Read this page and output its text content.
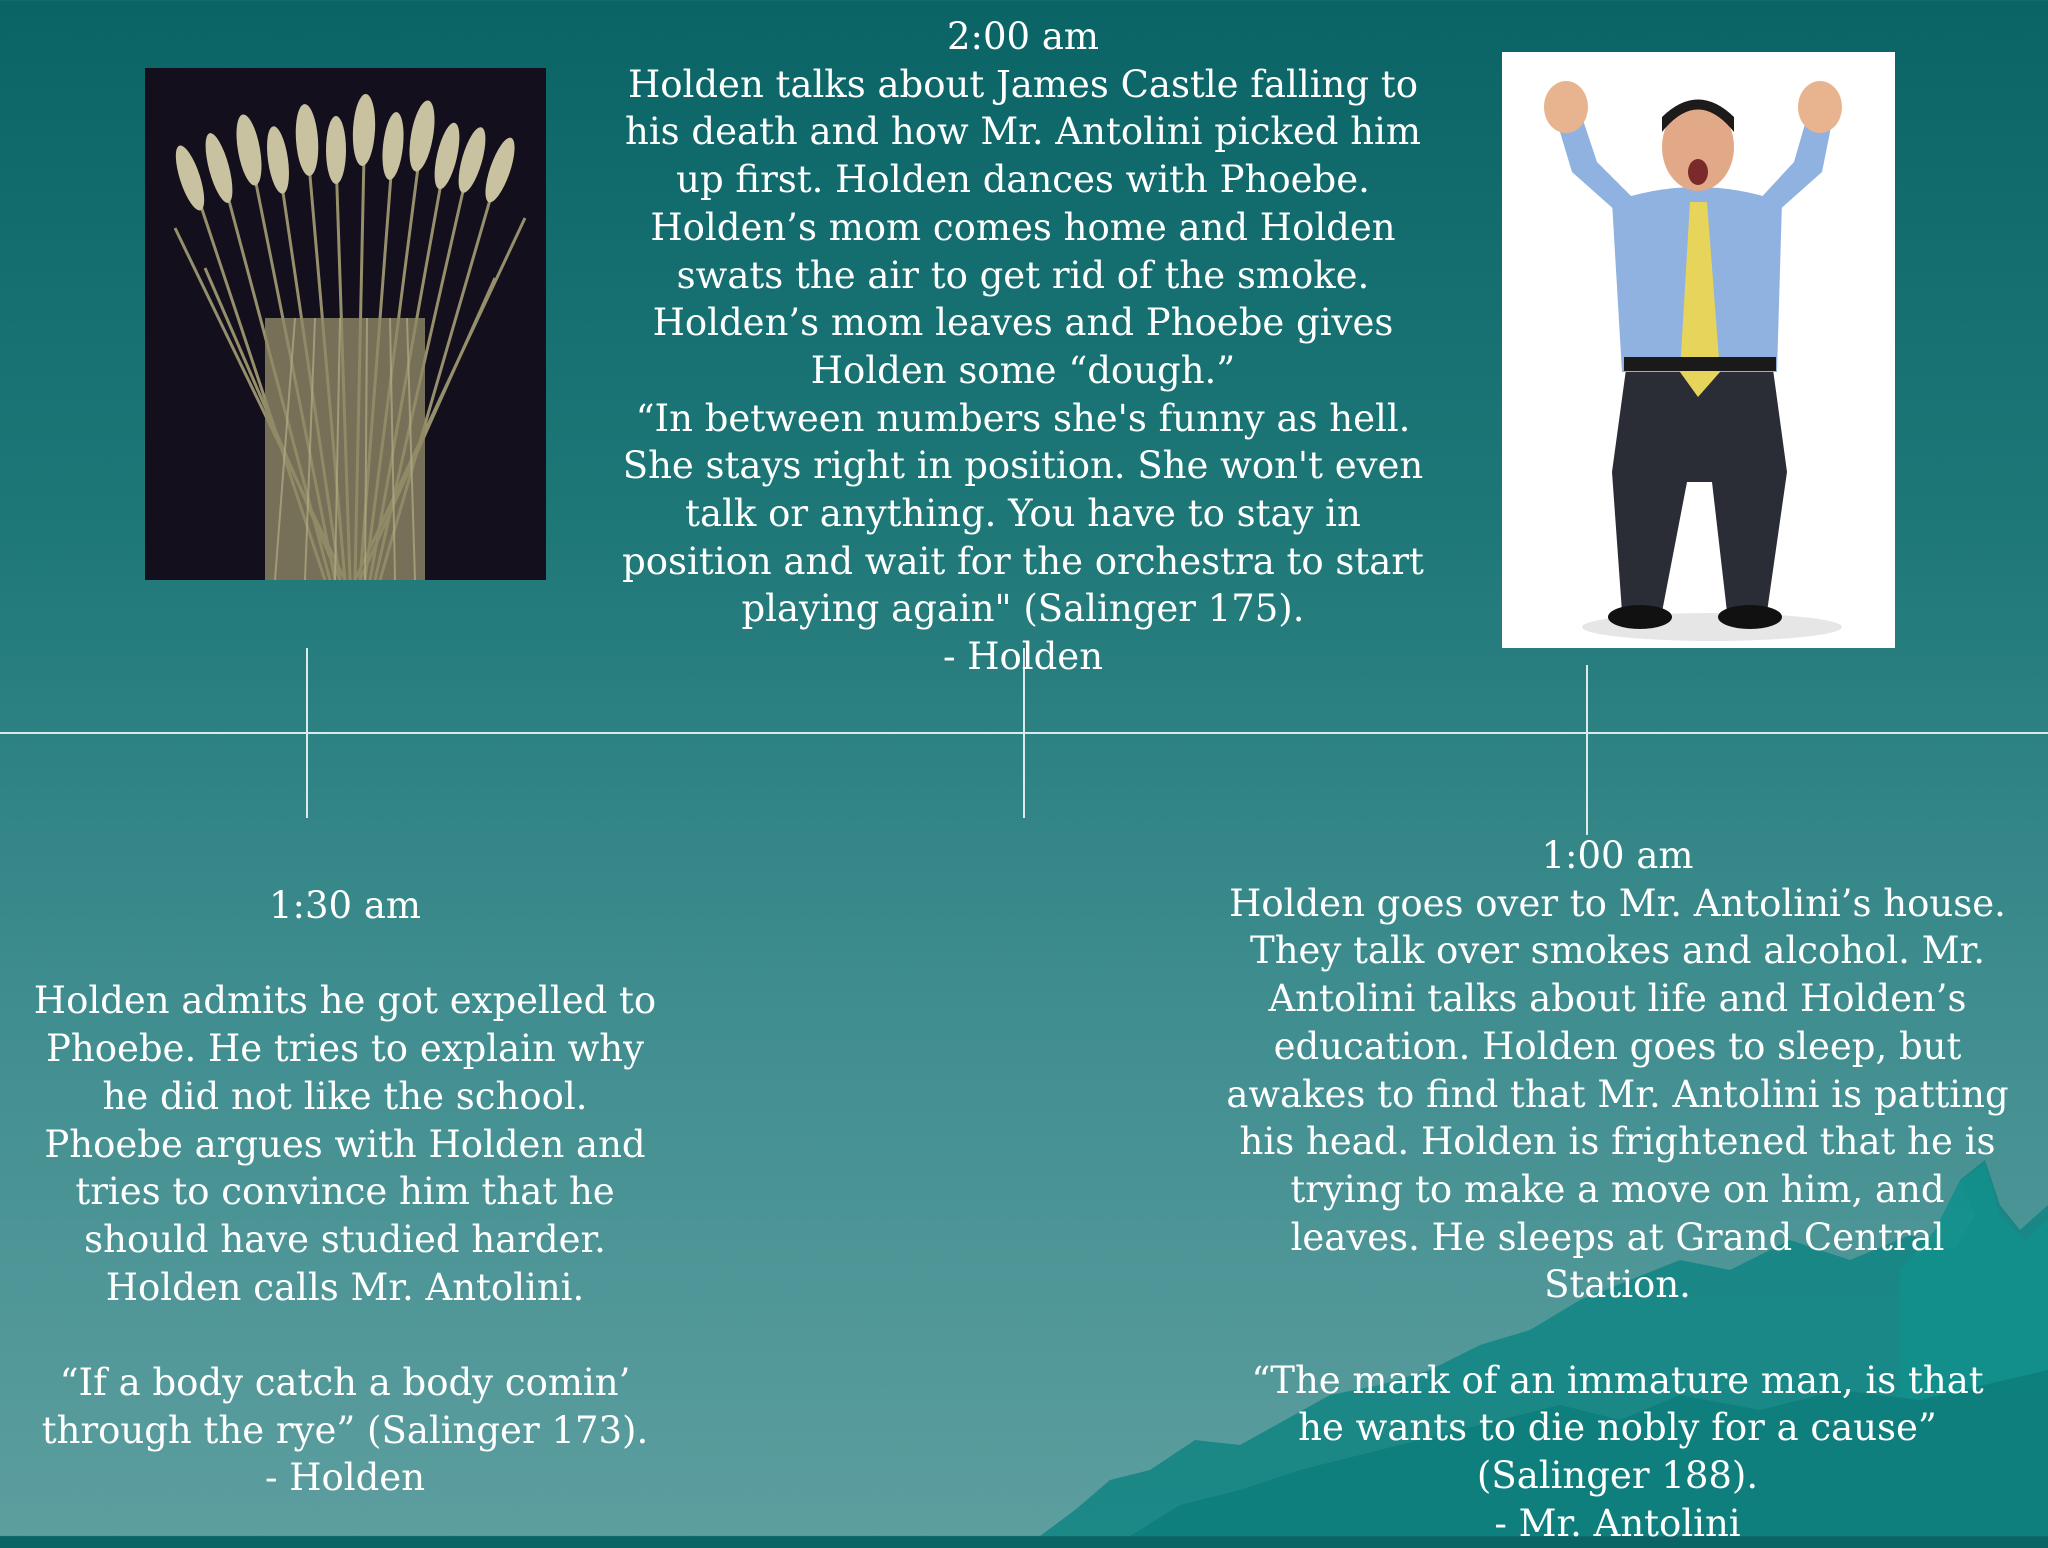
2:00 am

Holden talks about James Castle falling to his death and how Mr. Antolini picked him up first. Holden dances with Phoebe. Holden’s mom comes home and Holden swats the air to get rid of the smoke. Holden’s mom leaves and Phoebe gives Holden some “dough.”

“In between numbers she's funny as hell. She stays right in position. She won't even talk or anything. You have to stay in position and wait for the orchestra to start playing again" (Salinger 175).

- Holden

1:30 am

Holden admits he got expelled to Phoebe. He tries to explain why he did not like the school. Phoebe argues with Holden and tries to convince him that he should have studied harder. Holden calls Mr. Antolini.

“If a body catch a body comin’ through the rye” (Salinger 173).

- Holden

1:00 am

Holden goes over to Mr. Antolini’s house. They talk over smokes and alcohol. Mr. Antolini talks about life and Holden’s education. Holden goes to sleep, but awakes to find that Mr. Antolini is patting his head. Holden is frightened that he is trying to make a move on him, and leaves. He sleeps at Grand Central Station.

“The mark of an immature man, is that he wants to die nobly for a cause” (Salinger 188).

- Mr. Antolini
